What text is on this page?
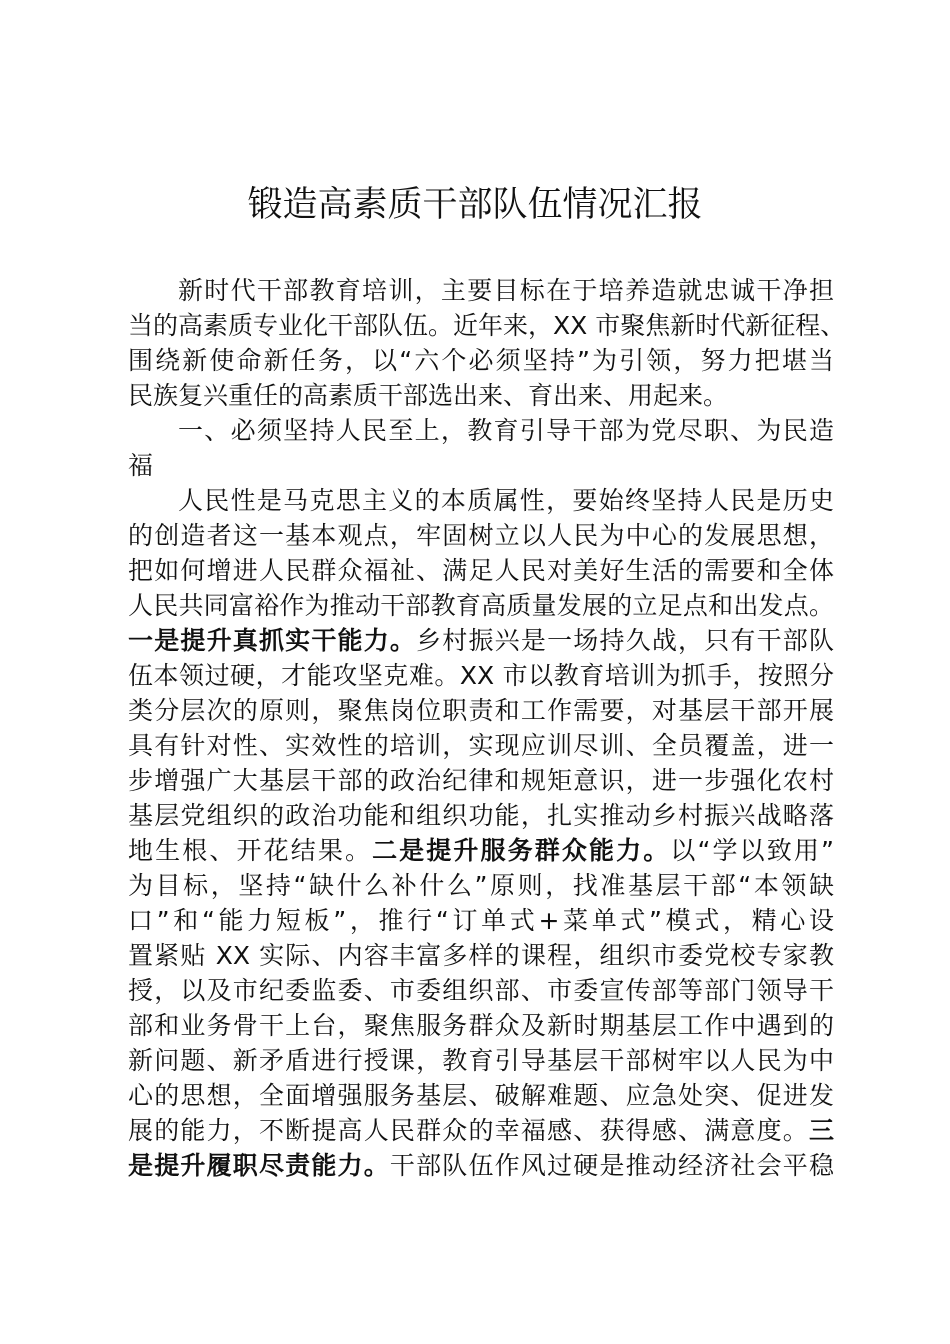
锻造高素质干部队伍情况汇报
新时代干部教育培训，主要目标在于培养造就忠诚干净担
当的高素质专业化干部队伍。近年来，XX 市聚焦新时代新征程、
围绕新使命新任务，以“六个必须坚持”为引领，努力把堪当
民族复兴重任的高素质干部选出来、育出来、用起来。
一、必须坚持人民至上，教育引导干部为党尽职、为民造
福
人民性是马克思主义的本质属性，要始终坚持人民是历史
的创造者这一基本观点，牢固树立以人民为中心的发展思想，
把如何增进人民群众福祉、满足人民对美好生活的需要和全体
人民共同富裕作为推动干部教育高质量发展的立足点和出发点。
一是提升真抓实干能力。乡村振兴是一场持久战，只有干部队
伍本领过硬，才能攻坚克难。XX 市以教育培训为抓手，按照分
类分层次的原则，聚焦岗位职责和工作需要，对基层干部开展
具有针对性、实效性的培训，实现应训尽训、全员覆盖，进一
步增强广大基层干部的政治纪律和规矩意识，进一步强化农村
基层党组织的政治功能和组织功能，扎实推动乡村振兴战略落
地生根、开花结果。二是提升服务群众能力。以“学以致用”
为目标，坚持“缺什么补什么”原则，找准基层干部“本领缺
口”和“能力短板”，推行“订单式+菜单式”模式，精心设
置紧贴 XX 实际、内容丰富多样的课程，组织市委党校专家教
授，以及市纪委监委、市委组织部、市委宣传部等部门领导干
部和业务骨干上台，聚焦服务群众及新时期基层工作中遇到的
新问题、新矛盾进行授课，教育引导基层干部树牢以人民为中
心的思想，全面增强服务基层、破解难题、应急处突、促进发
展的能力，不断提高人民群众的幸福感、获得感、满意度。三
是提升履职尽责能力。干部队伍作风过硬是推动经济社会平稳
